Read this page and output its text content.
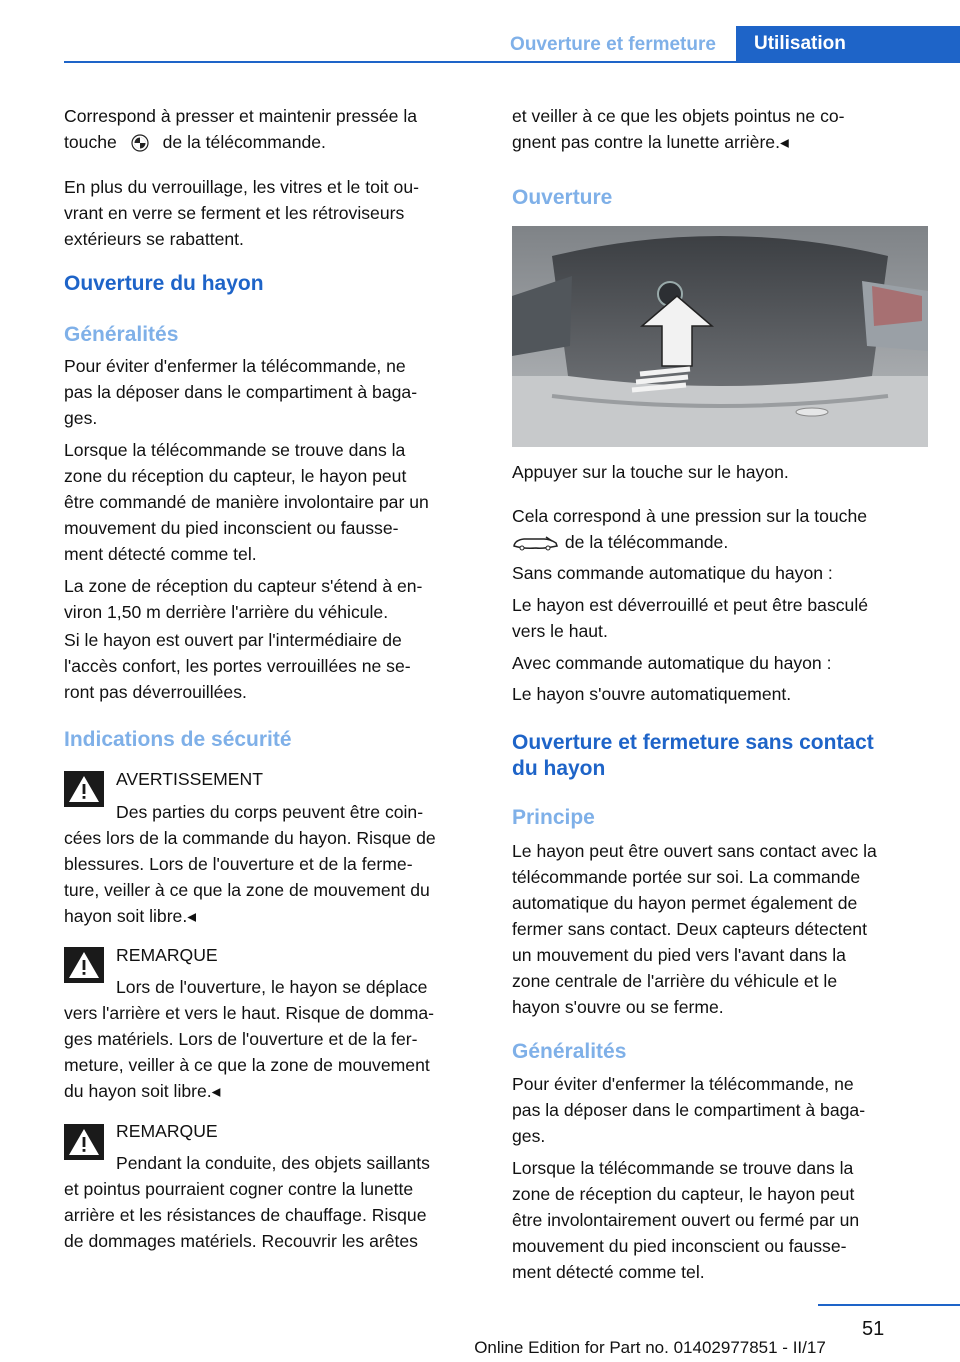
Ouverture et fermeture	Utilisation

Correspond à presser et maintenir pressée la
touche	de la télécommande.

En plus du verrouillage, les vitres et le toit ou-
vrant en verre se ferment et les rétroviseurs
extérieurs se rabattent.

Ouverture du hayon
Généralités

Pour éviter d'enfermer la télécommande, ne
pas la déposer dans le compartiment à baga-
ges.

Lorsque la télécommande se trouve dans la
zone du réception du capteur, le hayon peut
être commandé de manière involontaire par un
mouvement du pied inconscient ou fausse-
ment détecté comme tel.

La zone de réception du capteur s'étend à en-
viron 1,50 m derrière l'arrière du véhicule.

Si le hayon est ouvert par l'intermédiaire de
l'accès confort, les portes verrouillées ne se-
ront pas déverrouillées.

Indications de sécurité

AVERTISSEMENT

Des parties du corps peuvent être coin-
cées lors de la commande du hayon. Risque de
blessures. Lors de l'ouverture et de la ferme-
ture, veiller à ce que la zone de mouvement du
hayon soit libre.◂

REMARQUE

Lors de l'ouverture, le hayon se déplace
vers l'arrière et vers le haut. Risque de domma-
ges matériels. Lors de l'ouverture et de la fer-
meture, veiller à ce que la zone de mouvement
du hayon soit libre.◂

REMARQUE

Pendant la conduite, des objets saillants
et pointus pourraient cogner contre la lunette
arrière et les résistances de chauffage. Risque
de dommages matériels. Recouvrir les arêtes

et veiller à ce que les objets pointus ne co-
gnent pas contre la lunette arrière.◂

Ouverture

Appuyer sur la touche sur le hayon.

Cela correspond à une pression sur la touche
de la télécommande.

Sans commande automatique du hayon :

Le hayon est déverrouillé et peut être basculé
vers le haut.

Avec commande automatique du hayon :

Le hayon s'ouvre automatiquement.

Ouverture et fermeture sans contact
du hayon
Principe

Le hayon peut être ouvert sans contact avec la
télécommande portée sur soi. La commande
automatique du hayon permet également de
fermer sans contact. Deux capteurs détectent
un mouvement du pied vers l'avant dans la
zone centrale de l'arrière du véhicule et le
hayon s'ouvre ou se ferme.

Généralités

Pour éviter d'enfermer la télécommande, ne
pas la déposer dans le compartiment à baga-
ges.

Lorsque la télécommande se trouve dans la
zone de réception du capteur, le hayon peut
être involontairement ouvert ou fermé par un
mouvement du pied inconscient ou fausse-
ment détecté comme tel.

51
Online Edition for Part no. 01402977851 - II/17
